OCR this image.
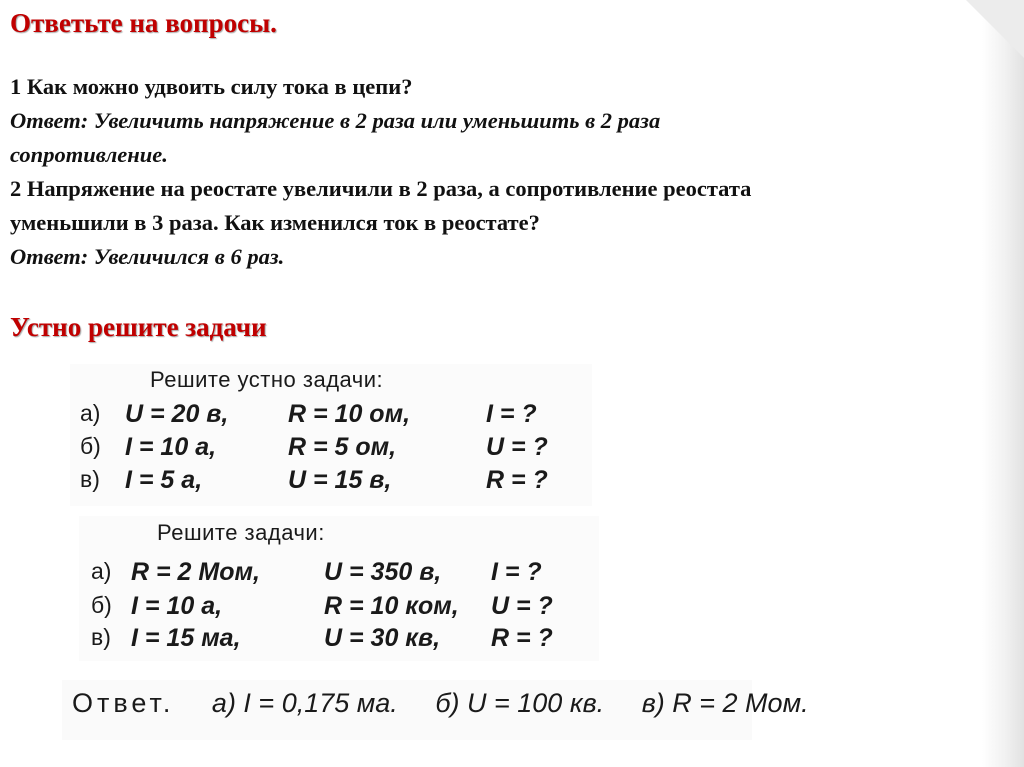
Ответьте на вопросы.
1 Как можно удвоить силу тока в цепи?
Ответ: Увеличить напряжение в 2 раза или уменьшить в 2 раза
сопротивление.
2 Напряжение на реостате увеличили в 2 раза, а сопротивление реостата
уменьшили в 3 раза. Как изменился ток в реостате?
Ответ: Увеличился в 6 раз.
Устно решите задачи
Решите устно задачи:
а) U = 20 в, R = 10 ом,	I = ?
б) I = 10 а,	R = 5 ом,	U = ?
в) I = 5 а,	U = 15 в,	R = ?
Решите задачи:
а) R = 2 Мом,	U = 350 в, I = ?
б) I = 10 а,	R = 10 ком, U = ?
в) I = 15 ма,	U = 30 кв, R = ?
Ответ. а) I = 0,175 ма. б) U = 100 кв. в) R = 2 Мом.
